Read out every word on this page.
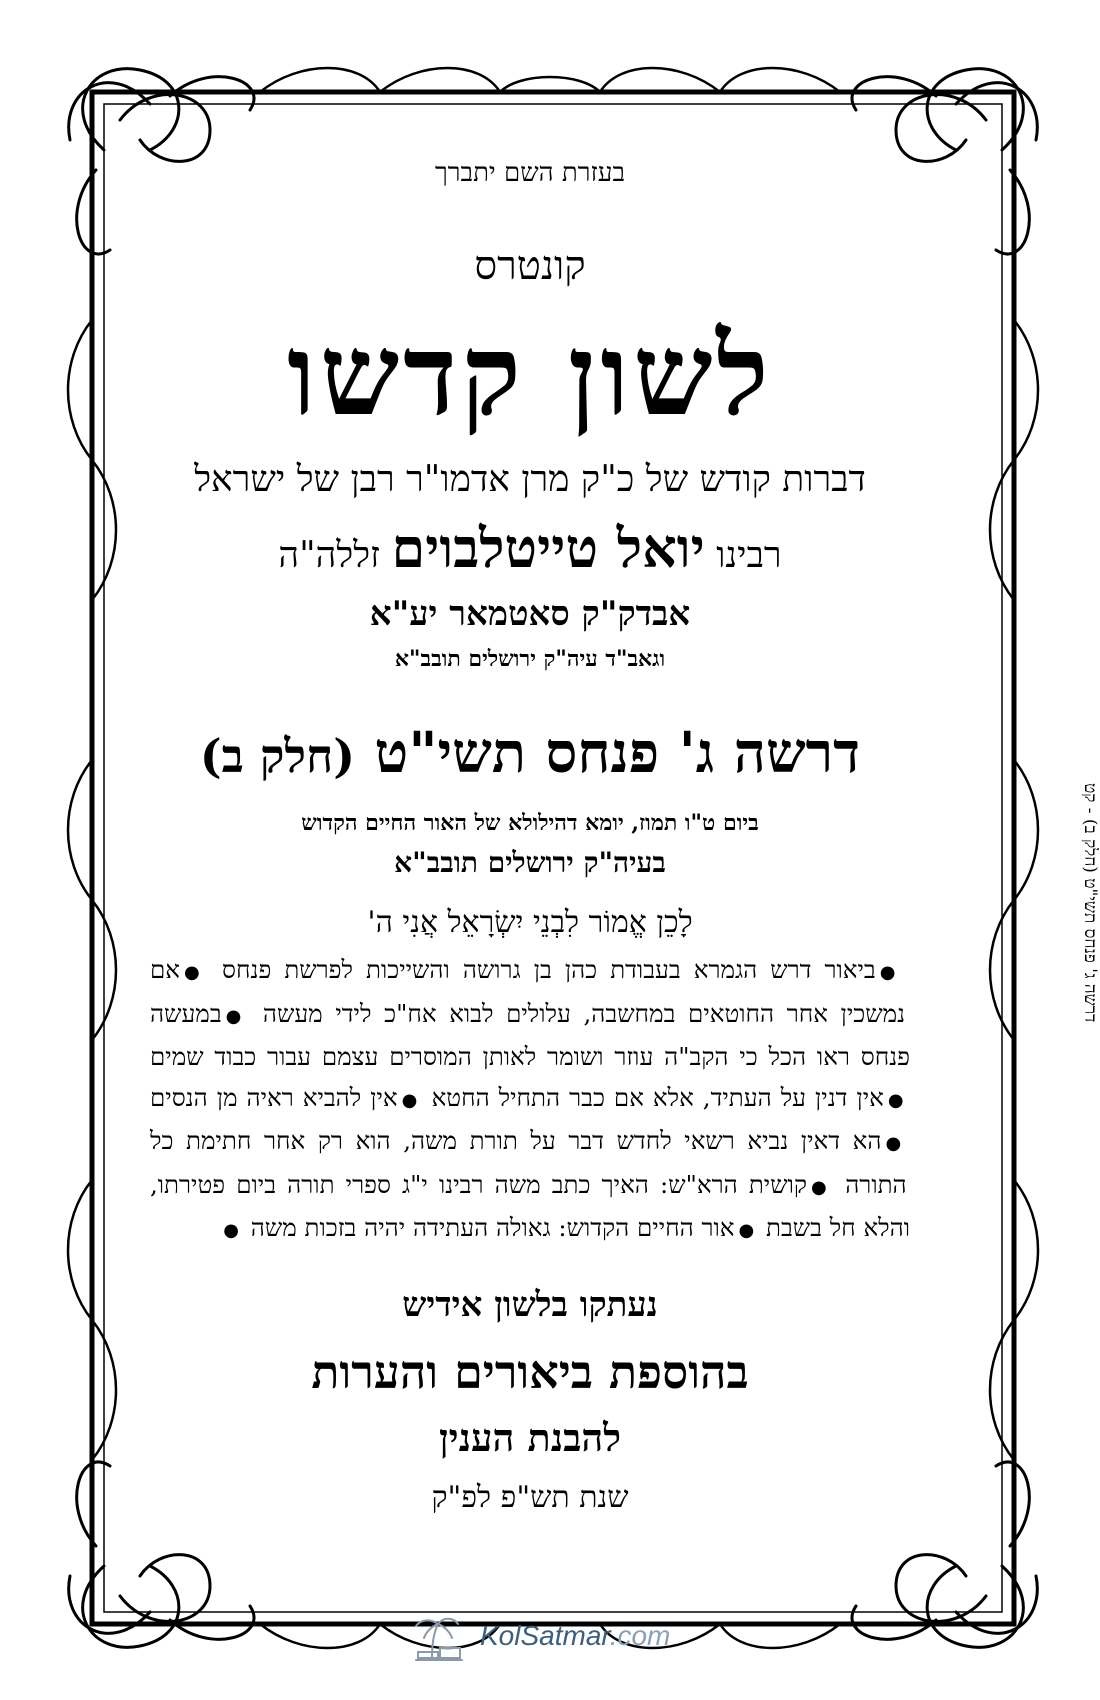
בעזרת השם יתברך
קונטרס
לשון קדשו
דברות קודש של כ"ק מרן אדמו"ר רבן של ישראל
רבינו יואל טייטלבוים זללה"ה
אבדק"ק סאטמאר יע"א
וגאב"ד עיה"ק ירושלים תובב"א
דרשה ג' פנחס תשי"ט (חלק ב)
ביום ט"ו תמוז, יומא דהילולא של האור החיים הקדוש
בעיה"ק ירושלים תובב"א
לָכֵן אֱמוֹר לִבְנֵי יִשְׂרָאֵל אֲנִי ה'
●ביאור דרש הגמרא בעבודת כהן בן גרושה והשייכות לפרשת פנחס ●אם נמשכין אחר החוטאים במחשבה, עלולים לבוא אח"כ לידי מעשה ●במעשה פנחס ראו הכל כי הקב"ה עוזר ושומר לאותן המוסרים עצמם עבור כבוד שמים ●אין דנין על העתיד, אלא אם כבר התחיל החטא ●אין להביא ראיה מן הנסים ●הא דאין נביא רשאי לחדש דבר על תורת משה, הוא רק אחר חתימת כל התורה ●קושית הרא"ש: האיך כתב משה רבינו י"ג ספרי תורה ביום פטירתו, והלא חל בשבת ●אור החיים הקדוש: גאולה העתידה יהיה בזכות משה ●
נעתקו בלשון אידיש
בהוספת ביאורים והערות
להבנת הענין
שנת תש"פ לפ"ק
דרשה ג' פנחס תשי"ט (חלק ב) - קט
KolSatmar.com
